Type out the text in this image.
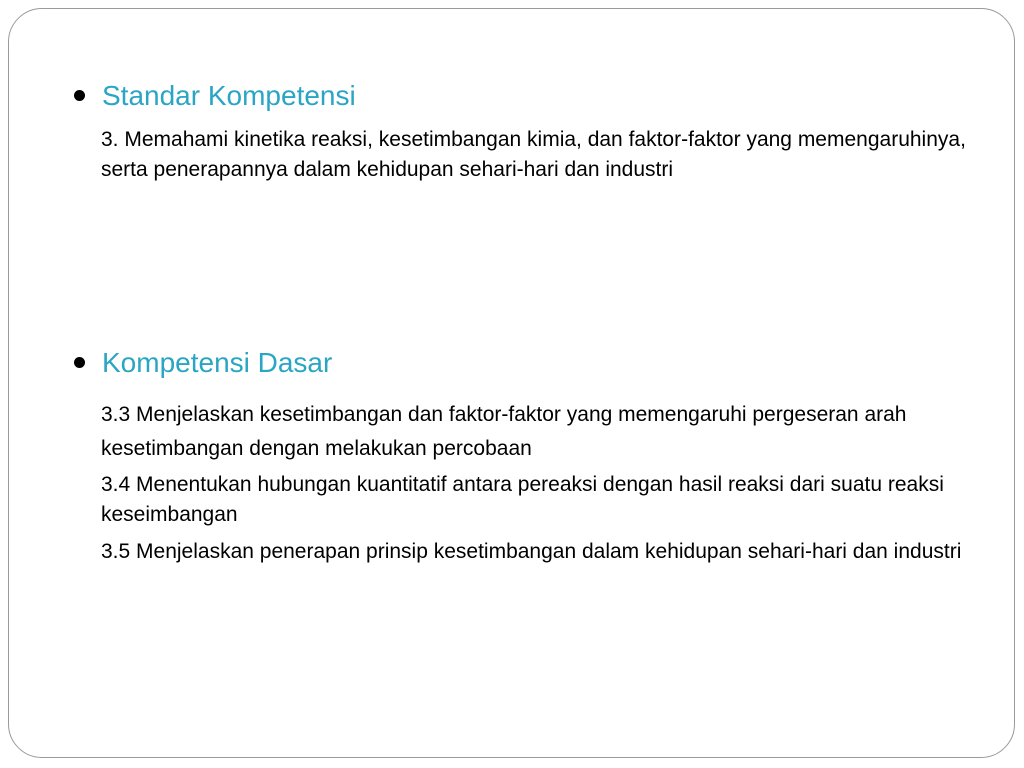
Standar Kompetensi
3. Memahami kinetika reaksi, kesetimbangan kimia, dan faktor-faktor yang memengaruhinya, serta penerapannya dalam kehidupan sehari-hari dan industri
Kompetensi Dasar
3.3 Menjelaskan kesetimbangan dan faktor-faktor yang memengaruhi pergeseran arah kesetimbangan dengan melakukan percobaan
3.4 Menentukan hubungan kuantitatif antara pereaksi dengan hasil reaksi dari suatu reaksi keseimbangan
3.5 Menjelaskan penerapan prinsip kesetimbangan dalam kehidupan sehari-hari dan industri
